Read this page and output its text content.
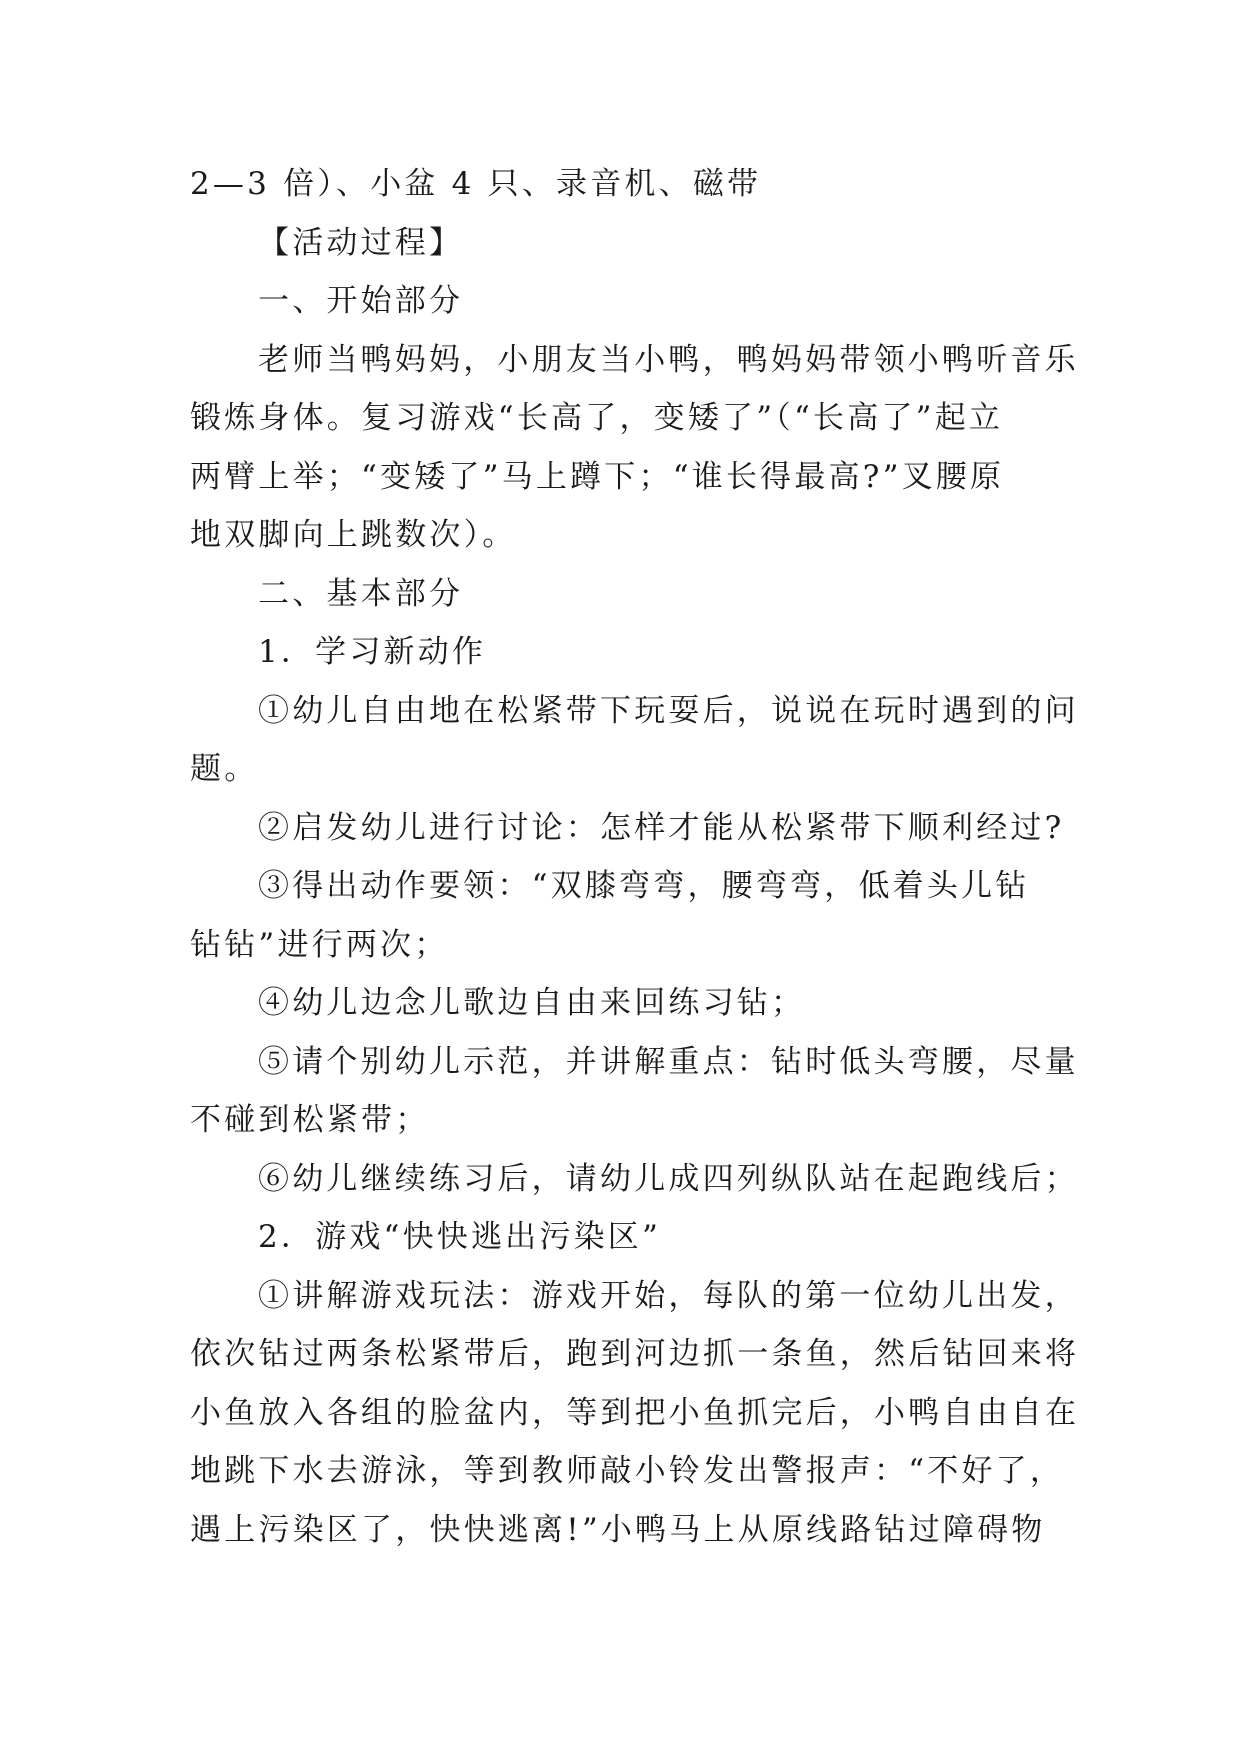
2—3 倍）、小盆 4 只、录音机、磁带
【活动过程】
一、开始部分
老师当鸭妈妈，小朋友当小鸭，鸭妈妈带领小鸭听音乐
锻炼身体。复习游戏“长高了，变矮了”（“长高了”起立
两臂上举；“变矮了”马上蹲下；“谁长得最高?”叉腰原
地双脚向上跳数次）。
二、基本部分
1．学习新动作
①幼儿自由地在松紧带下玩耍后，说说在玩时遇到的问
题。
②启发幼儿进行讨论：怎样才能从松紧带下顺利经过?
③得出动作要领：“双膝弯弯，腰弯弯，低着头儿钻
钻钻”进行两次；
④幼儿边念儿歌边自由来回练习钻；
⑤请个别幼儿示范，并讲解重点：钻时低头弯腰，尽量
不碰到松紧带；
⑥幼儿继续练习后，请幼儿成四列纵队站在起跑线后；
2．游戏“快快逃出污染区”
①讲解游戏玩法：游戏开始，每队的第一位幼儿出发，
依次钻过两条松紧带后，跑到河边抓一条鱼，然后钻回来将
小鱼放入各组的脸盆内，等到把小鱼抓完后，小鸭自由自在
地跳下水去游泳，等到教师敲小铃发出警报声：“不好了，
遇上污染区了，快快逃离!”小鸭马上从原线路钻过障碍物
